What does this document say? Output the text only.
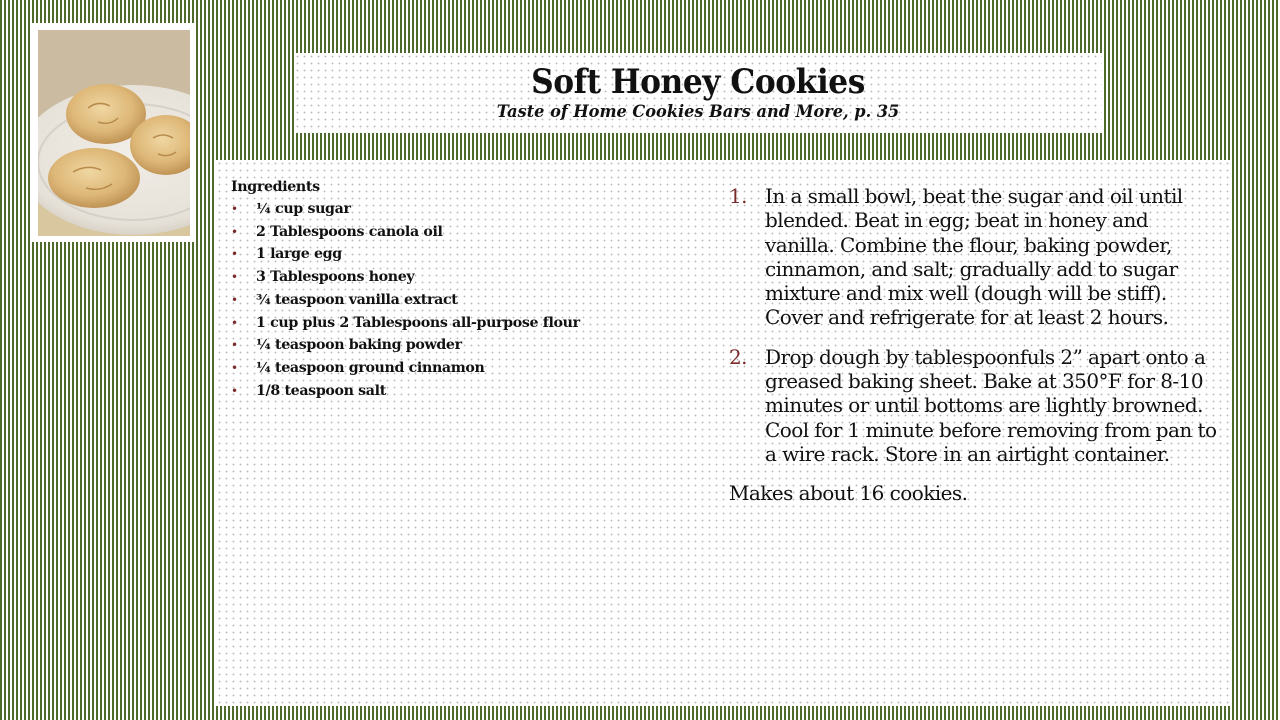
Soft Honey Cookies
Taste of Home Cookies Bars and More, p. 35
Ingredients
• ¼ cup sugar
• 2 Tablespoons canola oil
• 1 large egg
• 3 Tablespoons honey
• ¾ teaspoon vanilla extract
• 1 cup plus 2 Tablespoons all-purpose flour
• ¼ teaspoon baking powder
• ¼ teaspoon ground cinnamon
• 1/8 teaspoon salt
1. In a small bowl, beat the sugar and oil until blended. Beat in egg; beat in honey and vanilla. Combine the flour, baking powder, cinnamon, and salt; gradually add to sugar mixture and mix well (dough will be stiff). Cover and refrigerate for at least 2 hours.
2. Drop dough by tablespoonfuls 2” apart onto a greased baking sheet. Bake at 350°F for 8-10 minutes or until bottoms are lightly browned. Cool for 1 minute before removing from pan to a wire rack. Store in an airtight container.

Makes about 16 cookies.
